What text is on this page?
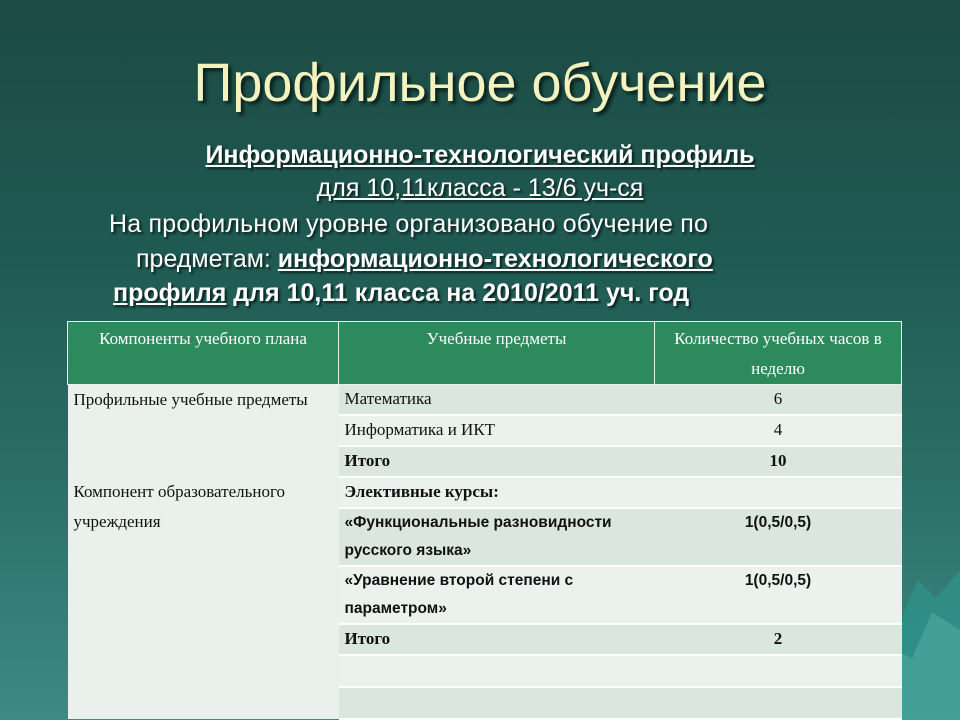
Профильное обучение
Информационно-технологический профиль
для 10,11класса - 13/6 уч-ся
На профильном уровне организовано обучение по
предметам: информационно-технологического
профиля для 10,11 класса на 2010/2011 уч. год
Компоненты учебного плана	Учебные предметы	Количество учебных часов в неделю
Профильные учебные предметы	Математика	6
	Информатика и ИКТ	4
	Итого	10
Компонент образовательного учреждения	Элективные курсы:	
	«Функциональные разновидности русского языка»	1(0,5/0,5)
	«Уравнение второй степени с параметром»	1(0,5/0,5)
	Итого	2
